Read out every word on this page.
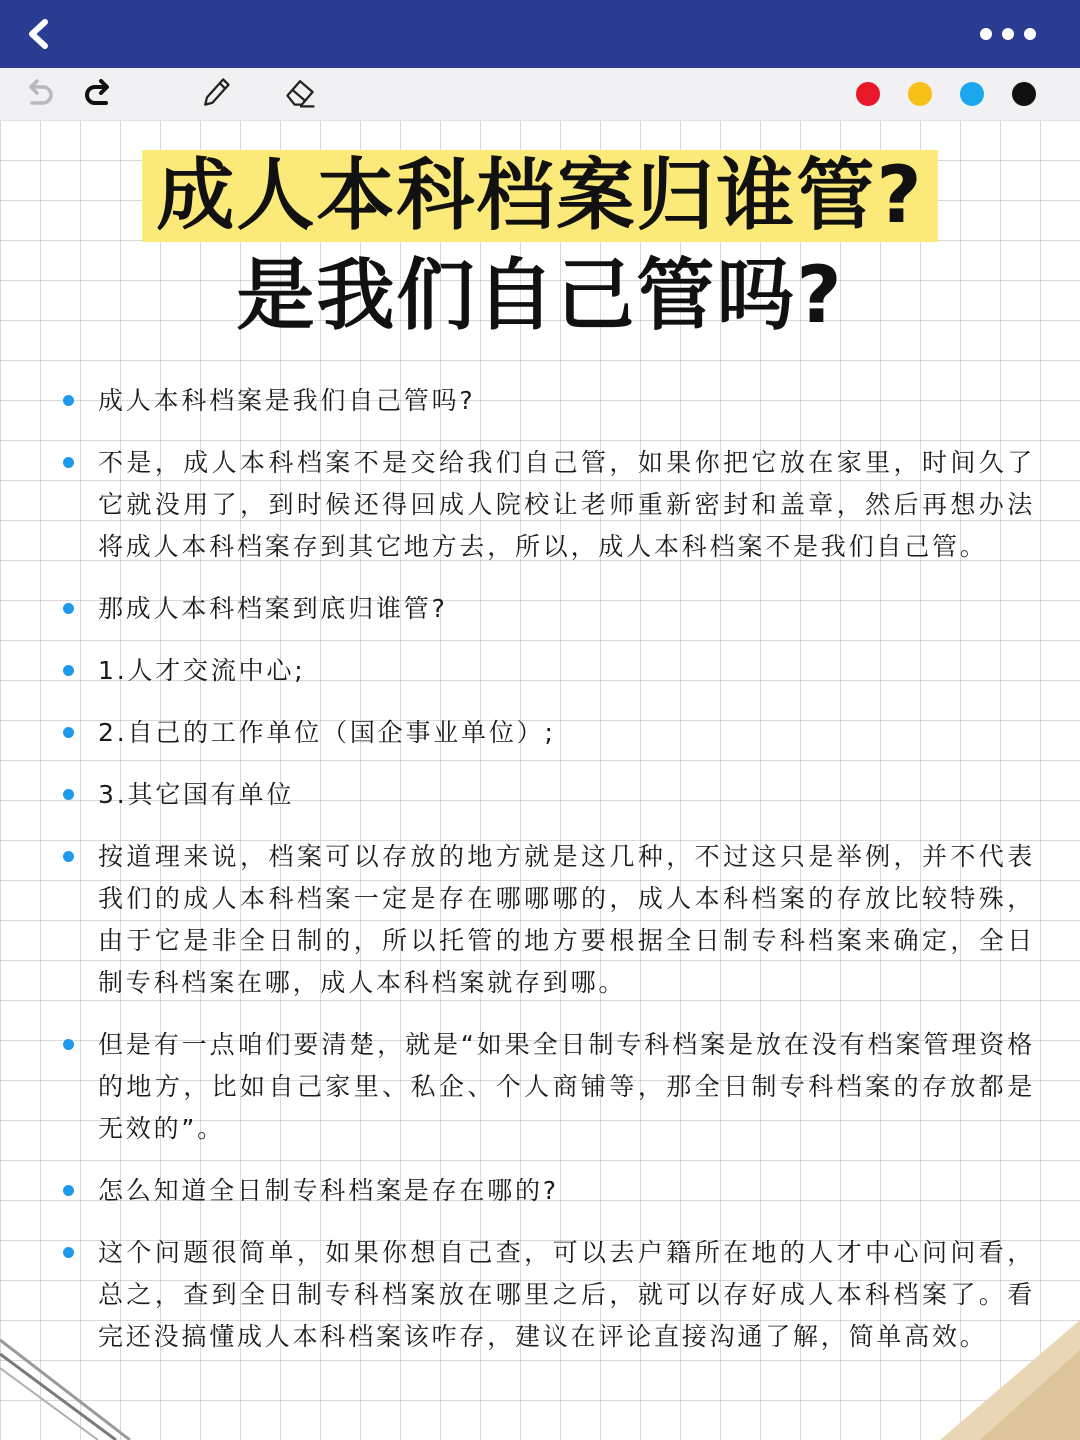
成人本科档案归谁管?
是我们自己管吗?
成人本科档案是我们自己管吗?
不是，成人本科档案不是交给我们自己管，如果你把它放在家里，时间久了它就没用了，到时候还得回成人院校让老师重新密封和盖章，然后再想办法将成人本科档案存到其它地方去，所以，成人本科档案不是我们自己管。
那成人本科档案到底归谁管?
1.人才交流中心;
2.自己的工作单位（国企事业单位）;
3.其它国有单位
按道理来说，档案可以存放的地方就是这几种，不过这只是举例，并不代表我们的成人本科档案一定是存在哪哪哪的，成人本科档案的存放比较特殊，由于它是非全日制的，所以托管的地方要根据全日制专科档案来确定，全日制专科档案在哪，成人本科档案就存到哪。
但是有一点咱们要清楚，就是“如果全日制专科档案是放在没有档案管理资格的地方，比如自己家里、私企、个人商铺等，那全日制专科档案的存放都是无效的”。
怎么知道全日制专科档案是存在哪的?
这个问题很简单，如果你想自己查，可以去户籍所在地的人才中心问问看，总之，查到全日制专科档案放在哪里之后，就可以存好成人本科档案了。看完还没搞懂成人本科档案该咋存，建议在评论直接沟通了解，简单高效。
